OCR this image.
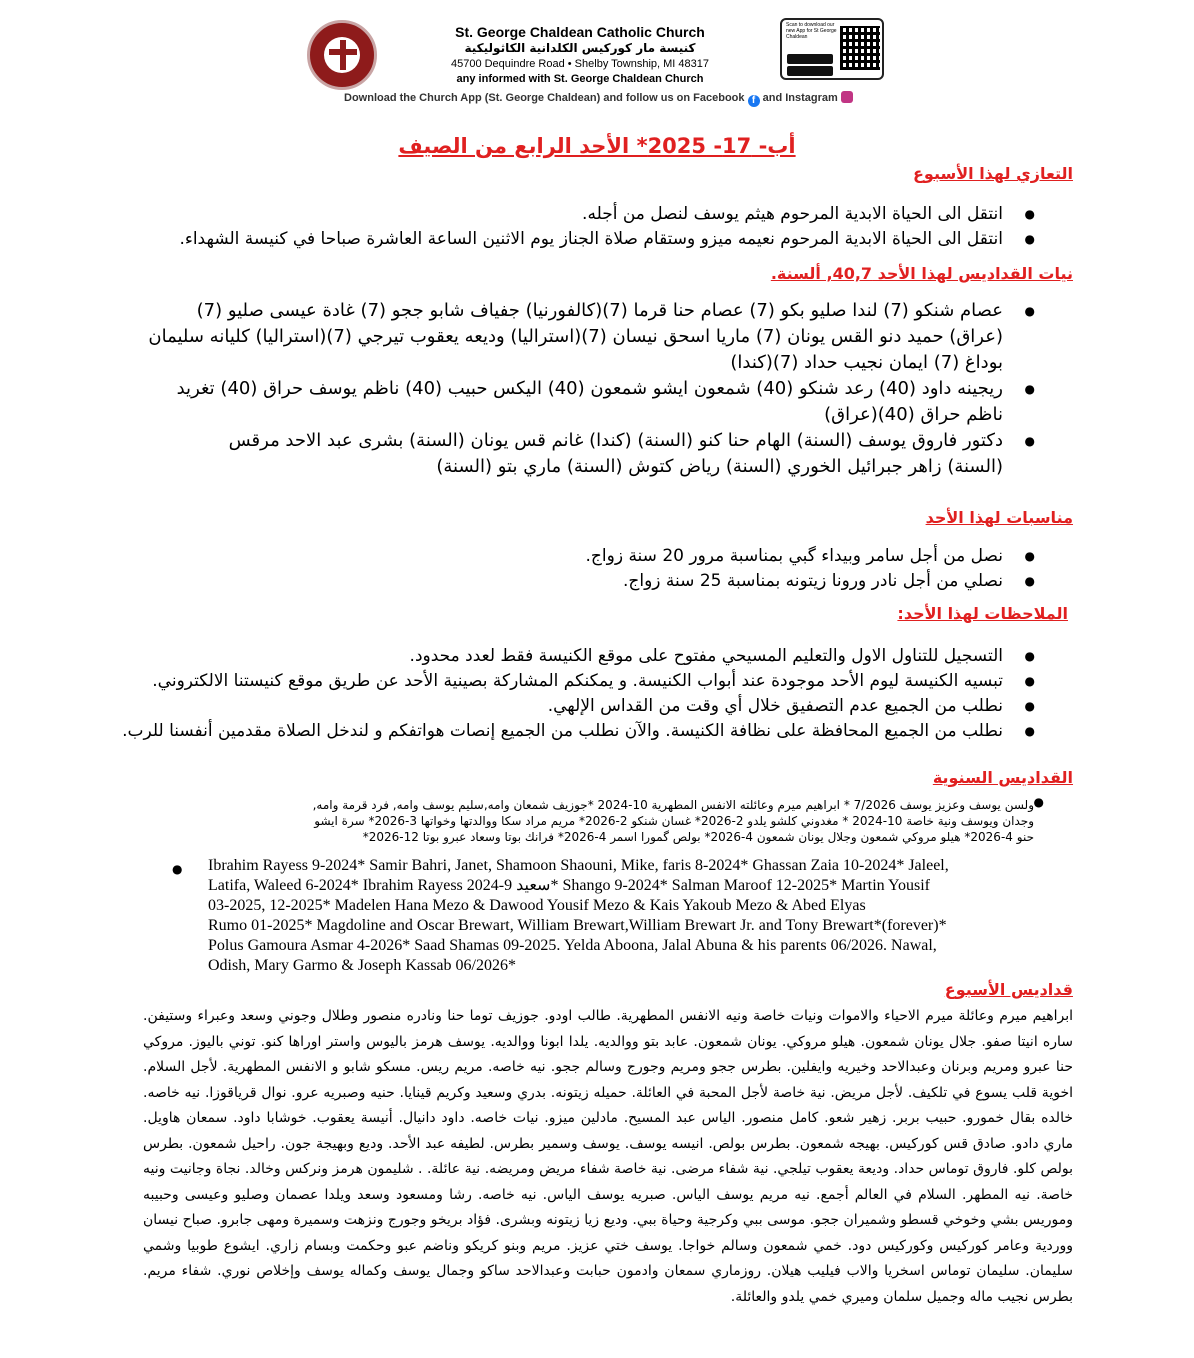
St. George Chaldean Catholic Church
كنيسة مار كوركيس الكلدانية الكاثوليكية
45700 Dequindre Road • Shelby Township, MI 48317
any informed with St. George Chaldean Church
Download the Church App (St. George Chaldean) and follow us on Facebook f and Instagram
Scan to download our new App for St George Chaldean
أب- 17- 2025* الأحد الرابع من الصيف
التعازي لهذا الأسبوع
● انتقل الى الحياة الابدية المرحوم هيثم يوسف لنصل من أجله.
● انتقل الى الحياة الابدية المرحوم نعيمه ميزو وستقام صلاة الجناز يوم الاثنين الساعة العاشرة صباحا في كنيسة الشهداء.
نيات القداديس لهذا الأحد 40,7, ألسنة.
● عصام شنكو (7) لندا صليو بكو (7) عصام حنا قرما (7)(كالفورنيا) جفياف شابو ججو (7) غادة عيسى صليو (7)(عراق) حميد دنو القس يونان (7) ماريا اسحق نيسان (7)(استراليا) وديعه يعقوب تيرجي (7)(استراليا) كليانه سليمان بوداغ (7) ايمان نجيب حداد (7)(كندا)
● ريجينه داود (40) رعد شنكو (40) شمعون ايشو شمعون (40) اليكس حبيب (40) ناظم يوسف حراق (40) تغريد ناظم حراق (40)(عراق)
● دكتور فاروق يوسف (السنة) الهام حنا كنو (السنة) (كندا) غانم قس يونان (السنة) بشرى عبد الاحد مرقس (السنة) زاهر جبرائيل الخوري (السنة) رياض كتوش (السنة) ماري بتو (السنة)
مناسبات لهذا الأحد
● نصل من أجل سامر وبيداء گبي بمناسبة مرور 20 سنة زواج.
● نصلي من أجل نادر ورونا زيتونه بمناسبة 25 سنة زواج.
الملاحظات لهذا الأحد:
● التسجيل للتناول الاول والتعليم المسيحي مفتوح على موقع الكنيسة فقط لعدد محدود.
● تبسيه الكنيسة ليوم الأحد موجودة عند أبواب الكنيسة. و يمكنكم المشاركة بصينية الأحد عن طريق موقع كنيستنا الالكتروني.
● نطلب من الجميع عدم التصفيق خلال أي وقت من القداس الإلهي.
● نطلب من الجميع المحافظة على نظافة الكنيسة. والآن نطلب من الجميع إنصات هواتفكم و لندخل الصلاة مقدمين أنفسنا للرب.
القداديس السنوية
ولسن يوسف وعزيز يوسف 7/2026 * ابراهيم ميرم وعائلته الانفس المطهرية 10-2024 *جوزيف شمعان وامه,سليم يوسف وامه, فرد قرمة وامه,
وجدان ويوسف ونية خاصة 10-2024 * مغدوني كلشو يلدو 2-2026* غسان شنكو 2-2026* مريم مراد سكا ووالدتها وخواتها 3-2026* سرة ايشو
حنو 4-2026* هيلو مروكي شمعون وجلال يونان شمعون 4-2026* بولص گمورا اسمر 4-2026* فرانك بوتا وسعاد عبرو بوتا 12-2026*
●
● Ibrahim Rayess 9-2024* Samir Bahri, Janet, Shamoon Shaouni, Mike, faris 8-2024* Ghassan Zaia 10-2024* Jaleel,
Latifa, Waleed 6-2024* Ibrahim Rayess 2024-9 سعيد* Shango 9-2024* Salman Maroof 12-2025* Martin Yousif
03-2025, 12-2025* Madelen Hana Mezo & Dawood Yousif Mezo & Kais Yakoub Mezo & Abed Elyas
Rumo 01-2025* Magdoline and Oscar Brewart, William Brewart,William Brewart Jr. and Tony Brewart*(forever)*
Polus Gamoura Asmar 4-2026* Saad Shamas 09-2025. Yelda Aboona, Jalal Abuna & his parents 06/2026. Nawal,
Odish, Mary Garmo & Joseph Kassab 06/2026*
قداديس الأسبوع
ابراهيم ميرم وعائلة ميرم الاحياء والاموات ونيات خاصة ونيه الانفس المطهرية. طالب اودو. جوزيف توما حنا ونادره منصور وطلال وجوني وسعد وعبراء وستيفن. ساره انيتا صفو. جلال يونان شمعون. هيلو مروكي. يونان شمعون. عابد بتو ووالديه. يلدا ابونا ووالديه. يوسف هرمز باليوس واستر اوراها كنو. توني باليوز. مروكي حنا عبرو ومريم وبرنان وعبدالاحد وخيريه وايفلين. بطرس ججو ومريم وجورج وسالم ججو. نيه خاصه. مريم ريس. مسكو شابو و الانفس المطهرية. لأجل السلام. اخوية قلب يسوع في تلكيف. لأجل مريض. نية خاصة لأجل المحبة في العائلة. حميله زيتونه. بدري وسعيد وكريم قينايا. حنيه وصبريه عرو. نوال قرياقوزا. نيه خاصه. خالده بقال خمورو. حبيب بربر. زهير شعو. كامل منصور. الياس عبد المسيح. مادلين ميزو. نيات خاصه. داود دانيال. أنيسة يعقوب. خوشابا داود. سمعان هاويل. ماري دادو. صادق قس كوركيس. بهيجه شمعون. بطرس بولص. انيسه يوسف. يوسف وسمير بطرس. لطيفه عبد الأحد. وديع وبهيجة جون. راحيل شمعون. بطرس بولص كلو. فاروق توماس حداد. وديعة يعقوب تيلجي. نية شفاء مرضى. نية خاصة شفاء مريض ومريضه. نية عائلة. . شليمون هرمز ونركس وخالد. نجاة وجانيت ونيه خاصة. نيه المطهر. السلام في العالم أجمع. نيه مريم يوسف الياس. صبريه يوسف الياس. نيه خاصه. رشا ومسعود وسعد ويلدا عصمان وصليو وعيسى وحبيبه وموريس بشي وخوخي قسطو وشميران ججو. موسى ببي وكرجية وحياة ببي. وديع زيا زيتونه وبشرى. فؤاد بريخو وجورج ونزهت وسميرة ومهى جابرو. صباح نيسان ووردية وعامر كوركيس وكوركيس دود. خمي شمعون وسالم خواجا. يوسف ختي عزيز. مريم وبنو كريكو وناضم عبو وحكمت وبسام زاري. ايشوع طوبيا وشمي سليمان. سليمان توماس اسخريا والاب فيليب هيلان. روزماري سمعان وادمون حبابت وعبدالاحد ساكو وجمال يوسف وكماله يوسف وإخلاص نوري. شفاء مريم. بطرس نجيب ماله وجميل سلمان وميري خمي يلدو والعائلة.
